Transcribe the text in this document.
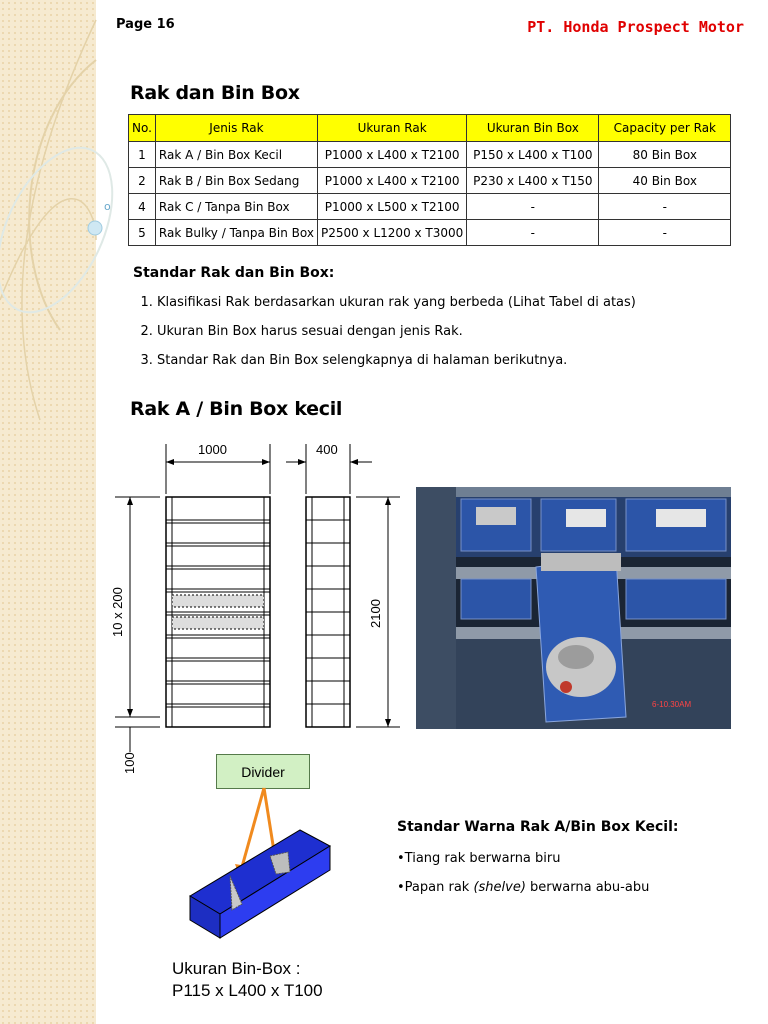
o
Page 16	PT. Honda Prospect Motor
Rak dan Bin Box
No.	Jenis Rak	Ukuran Rak	Ukuran Bin Box	Capacity per Rak
1	Rak A / Bin Box Kecil	P1000 x L400 x T2100	P150 x L400 x T100	80 Bin Box
2	Rak B / Bin Box Sedang	P1000 x L400 x T2100	P230 x L400 x T150	40 Bin Box
4	Rak C / Tanpa Bin Box	P1000 x L500 x T2100	-	-
5	Rak Bulky / Tanpa Bin Box	P2500 x L1200 x T3000	-	-
Standar Rak dan Bin Box:
1. Klasifikasi Rak berdasarkan ukuran rak yang berbeda (Lihat Tabel di atas)
2. Ukuran Bin Box harus sesuai dengan jenis Rak.
3. Standar Rak dan Bin Box selengkapnya di halaman berikutnya.
Rak A / Bin Box kecil
1000	400
10 x 200
100
2100
6-10.30AM
Divider
Ukuran Bin-Box :
P115 x L400 x T100
Standar Warna Rak A/Bin Box Kecil:
•Tiang rak berwarna biru
•Papan rak (shelve) berwarna abu-abu
